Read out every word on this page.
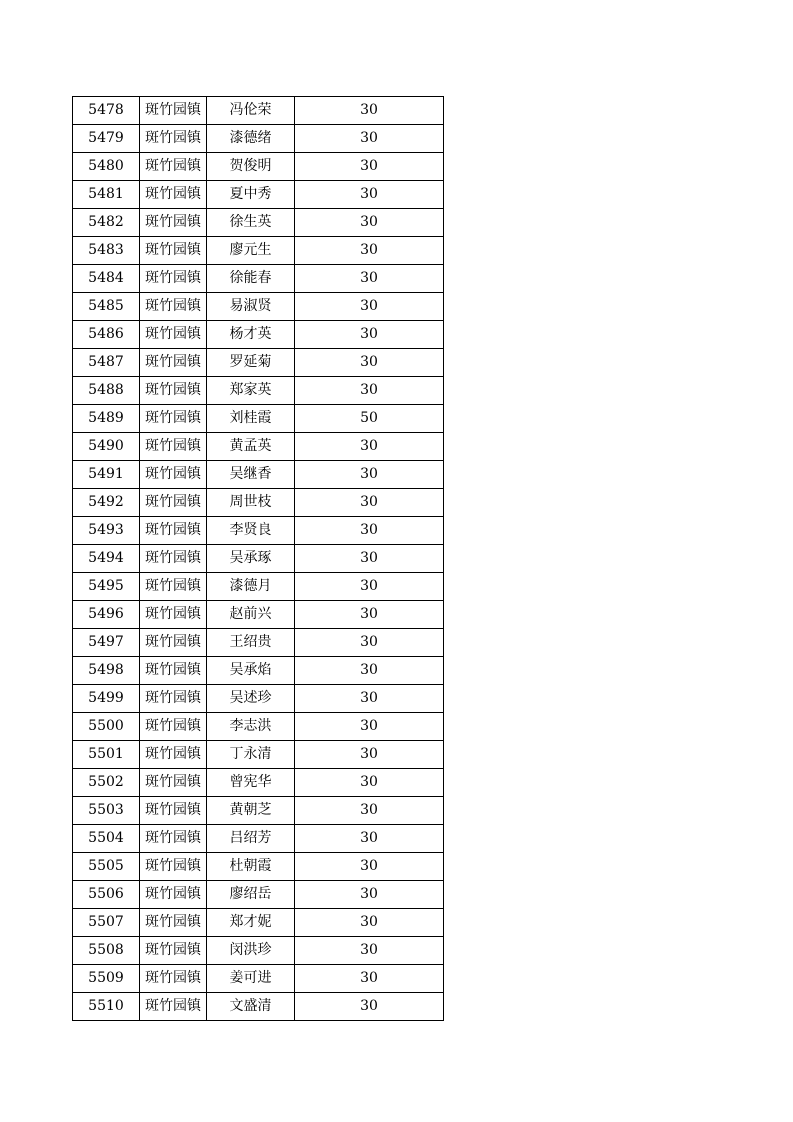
5478	斑竹园镇	冯伦荣	30
5479	斑竹园镇	漆德绪	30
5480	斑竹园镇	贺俊明	30
5481	斑竹园镇	夏中秀	30
5482	斑竹园镇	徐生英	30
5483	斑竹园镇	廖元生	30
5484	斑竹园镇	徐能春	30
5485	斑竹园镇	易淑贤	30
5486	斑竹园镇	杨才英	30
5487	斑竹园镇	罗延菊	30
5488	斑竹园镇	郑家英	30
5489	斑竹园镇	刘桂霞	50
5490	斑竹园镇	黄孟英	30
5491	斑竹园镇	吴继香	30
5492	斑竹园镇	周世枝	30
5493	斑竹园镇	李贤良	30
5494	斑竹园镇	吴承琢	30
5495	斑竹园镇	漆德月	30
5496	斑竹园镇	赵前兴	30
5497	斑竹园镇	王绍贵	30
5498	斑竹园镇	吴承焰	30
5499	斑竹园镇	吴述珍	30
5500	斑竹园镇	李志洪	30
5501	斑竹园镇	丁永清	30
5502	斑竹园镇	曾宪华	30
5503	斑竹园镇	黄朝芝	30
5504	斑竹园镇	吕绍芳	30
5505	斑竹园镇	杜朝霞	30
5506	斑竹园镇	廖绍岳	30
5507	斑竹园镇	郑才妮	30
5508	斑竹园镇	闵洪珍	30
5509	斑竹园镇	姜可进	30
5510	斑竹园镇	文盛清	30
